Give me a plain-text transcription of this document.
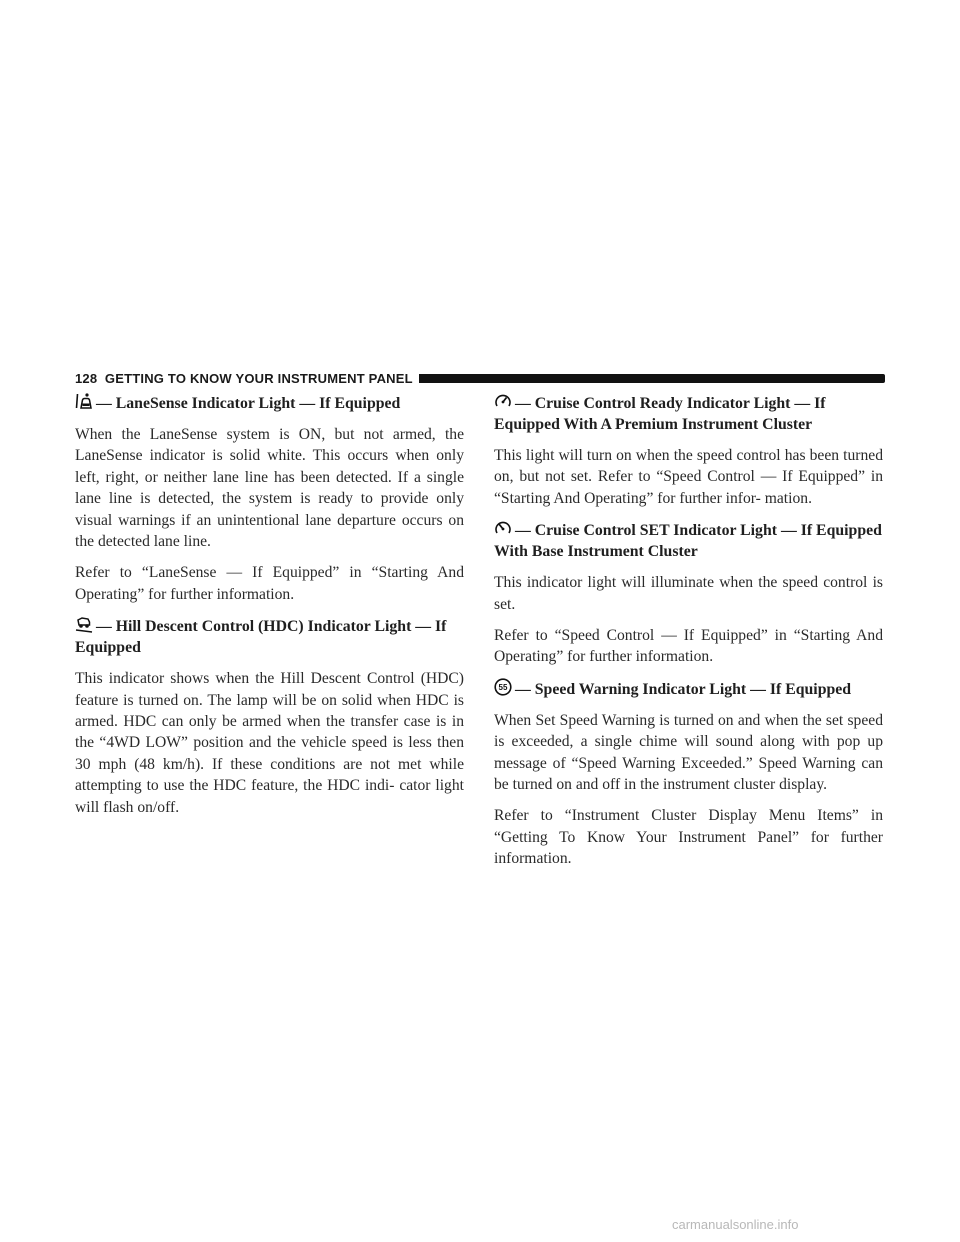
128 GETTING TO KNOW YOUR INSTRUMENT PANEL
— LaneSense Indicator Light — If Equipped

When the LaneSense system is ON, but not armed, the LaneSense indicator is solid white. This occurs when only left, right, or neither lane line has been detected. If a single lane line is detected, the system is ready to provide only visual warnings if an unintentional lane departure occurs on the detected lane line.

Refer to “LaneSense — If Equipped” in “Starting And Operating” for further information.

— Hill Descent Control (HDC) Indicator Light — If Equipped

This indicator shows when the Hill Descent Control (HDC) feature is turned on. The lamp will be on solid when HDC is armed. HDC can only be armed when the transfer case is in the “4WD LOW” position and the vehicle speed is less then 30 mph (48 km/h). If these conditions are not met while attempting to use the HDC feature, the HDC indi- cator light will flash on/off.

— Cruise Control Ready Indicator Light — If Equipped With A Premium Instrument Cluster

This light will turn on when the speed control has been turned on, but not set. Refer to “Speed Control — If Equipped” in “Starting And Operating” for further infor- mation.

— Cruise Control SET Indicator Light — If Equipped With Base Instrument Cluster

This indicator light will illuminate when the speed control is set.

Refer to “Speed Control — If Equipped” in “Starting And Operating” for further information.

55 — Speed Warning Indicator Light — If Equipped

When Set Speed Warning is turned on and when the set speed is exceeded, a single chime will sound along with pop up message of “Speed Warning Exceeded.” Speed Warning can be turned on and off in the instrument cluster display.

Refer to “Instrument Cluster Display Menu Items” in “Getting To Know Your Instrument Panel” for further information.

carmanualsonline.info
